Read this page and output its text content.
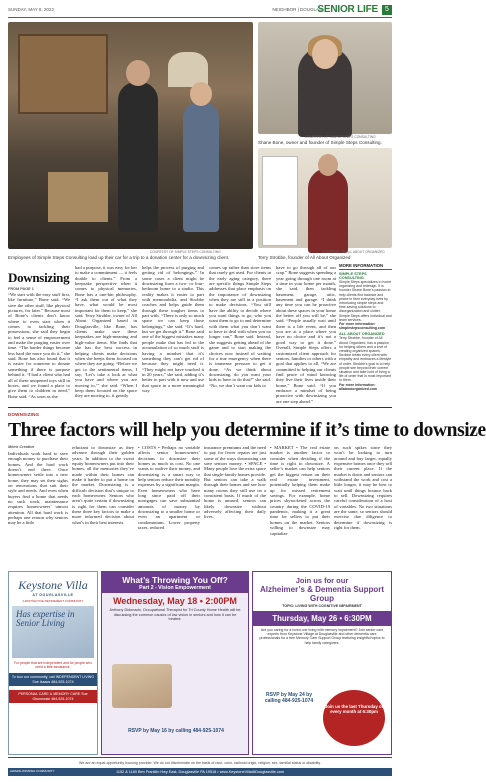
SUNDAY, MAY 8, 2022	NEIGHBOR | DOUGLAS
SENIOR LIFE	5
COURTESY OF SIMPLE STEPS CONSULTING
Employees of Simple Steps Consulting load up their car for a trip to a donation center for a downsizing client.
COURTESY OF SIMPLE STEPS CONSULTING
Shane Bone, owner and founder of Simple Steps Consulting.
COURTESY OF ALL ABOUT ORGANIZED
Terry Strobbe, founder of All About Organized
Downsizing
FROM PAGE 1
“We start with the easy stuff first, like furniture,” Bone said. “We save the other stuff, like physical pictures, for later.” Because most of Bone’s clients don’t know where to even start when it comes to tackling their possessions, she said they begin to feel a sense of empowerment and make the purging easier over time. “The harder things become less hard the more you do it,” she said. Bone has also found that it is easier for someone to donate something if there is purpose behind it. “I had a client who had all of these unopened toys still in boxes, and we found a place to give them to children in need,” Bone said. “As soon as she
had a purpose, it was easy for her to make a commitment — it feels doable to clients.” From a keepsake perspective when it comes to physical memories, Bone has a one-bin philosophy. “I ask them out of what they have, what would be most important for them to keep,” she said. Terry Strobbe, owner of All About Organized based in Douglasville, like Bone, has clients make sure these keepsakes are high-meaning and high-value items. She finds that she has the best success in helping clients make decisions when she keeps them focused on where they are going. “Before we get to the sentimental items, I say, ‘Let’s take a look at what you have and where you are moving to,’” she said. “When I keep them focused on the space they are moving to, it greatly
helps the process of purging and getting rid of belongings.” In some cases a client might be downsizing from a two- or four-bedroom home to a studio. This reality makes it easier to part with memorabilia, and Strobbe coaches and helps guide them through these tougher items to part with. “There is only so much space we can keep those belongings,” she said. “It’s hard, but we get through it.” Bone said one of the biggest mistakes many people make that has led to the accumulation of so much stuff is having a mindset that it’s something they can’t get rid of because they might need it. “They might not have touched it in 20 years,” she said, adding it’s better to part with it now and use that space in a more meaningful way.
comes up rather than store items that rarely get used. For clients in the early aging category, there are specific things Simple Steps addresses that place emphasis on the importance of downsizing when they are still in a position to make decisions. “You still have the ability to decide where you want things to go, who you want them to go to and determine with them what you don’t want to have to deal with when you no longer can,” Bone said. Instead, she suggests getting ahead of the game and to start making the choices now instead of waiting for a true emergency when there is immense pressure to get it done. “As we think about downsizing, do you want your kids to have to do that?” she said. “No, we don’t want our kids to
have to go through all of our crap.” Bone suggests spending a year going through one room at a time in your home per month, she said, then tackling basement, garage, attic, basement and garage. “I think any time you can be proactive about these spaces in your home the better off you will be,” she said. “People usually wait until there is a life event, and then you are at a place where you have no choice and it’s not a good way to get it done.” Overall, Simple Steps offers a customized client approach for seniors, families or others with a goal that applies to all. “We are committed to helping our clients find peace of mind knowing they live their lives inside their home,” Bone said. “If you embrace a mindset of being proactive with downsizing you are one step ahead.”
MORE INFORMATION
SIMPLE STEPS CONSULTING
Simple Steps specializes in home organizing and redesign. It is founder Shane Bone’s passion to help clients find balance and peace in their everyday lives by introducing simple steps and time-saving solutions to disorganization and clutter. Simple Steps offers individual and team services.
For more information: simplestepsconsulting.com
ALL ABOUT ORGANIZED
Terry Strobbe, founder of All About Organized, has a passion for helping others and a love of creating organized spaces. Strobbe treats every client with empathy and embraces a lifestyle of order. Strobbe’s goal is to help people see beyond their current situation and take hold of living a life of order that is most important to them.
For more information: allaboutorganized.com
DOWNSIZING
Three factors will help you determine if it’s time to downsize
Metro Creative
Individuals work hard to save enough money to purchase their homes. And the hard work doesn’t end there. Once homeowners settle into a new home, they may set their sights on renovations that suit their style and needs. And even when buyers find a home that needs no such work, maintenance requires homeowners’ utmost attention. All that hard work is perhaps one reason why seniors may be a little
reluctant to downsize as they advance through their golden years. In addition to the sweat equity homeowners put into their homes, all the memories they’ve made within their homes can make it harder to put a home on the market. Downsizing is a difficult decision that’s unique to each homeowner. Seniors who aren’t quite certain if downsizing is right for them can consider these three key factors to make a more informed decision about what’s in their best interests.
• COSTS • Perhaps no variable affects senior homeowners’ decisions to downsize their homes as much as cost. No one wants to outlive their money, and downsizing is a smart way to help seniors reduce their monthly expenses by a significant margin. Even homeowners who have long since paid off their mortgages can save substantial amounts of money by downsizing to a smaller home or even an apartment or condominium. Lower property taxes, reduced
insurance premiums and the need to pay for fewer repairs are just some of the ways downsizing can save seniors money. • SPACE • Many people love the extra space that single-family homes provide. But seniors can take a walk through their homes and see how many rooms they still use on a consistent basis. If much of the home is unused, seniors can likely downsize without adversely affecting their daily lives.
• MARKET • The real estate market is another factor to consider when deciding if the time is right to downsize. A seller’s market can help seniors get the biggest return on their real estate investment, potentially helping them make up for missed retirement savings. For example, home prices skyrocketed across the country during the COVID-19 pandemic, making it a great time for sellers to put their homes on the market. Seniors willing to downsize may capitalize
on such spikes since they won’t be looking to turn around and buy larger, equally expensive homes once they sell their current place. If the market is down and seniors can withstand the work and cost a little longer, it may be best to wait until things bounce back to sell. Downsizing requires careful consideration of a host of variables. No two situations are the same, so seniors should exercise due diligence to determine if downsizing is right for them.
Keystone Villa
AT DOUGLASVILLE
A DISTINCTIVE RETIREMENT COMMUNITY
Has expertise in Senior Living
For people that are independent and for people who need a little assistance.
To tour our community, call INDEPENDENT LIVING Sue Isaacs 484-925-1074
PERSONAL CARE & MEMORY CARE Sue Okunewski 484-925-1074
What’s Throwing You Off?
Part 2 - Vision Empowerment
Wednesday, May 18 • 2:00PM
Anthony Didonado, Occupational Therapist for Tri County Home Health will be discussing the common causes of low vision in seniors and how it can be treated.
RSVP by May 16 by calling 484-925-1074
Join us for our
Alzheimer’s & Dementia Support Group
TOPIC: LIVING WITH COGNITIVE IMPAIRMENT
Thursday, May 26 • 6:30PM
Are you caring for a loved one living with memory impairment? Join senior care experts from Keystone Village at Douglasville and other dementia care professionals for a free Memory Care Support Group featuring insightful topics to help family caregivers.
RSVP by May 24 by calling 484-925-1074
Join us the last Thursday of every month at 6:30pm
We are an equal opportunity housing provider. We do not discriminate on the basis of race, color, national origin, religion, sex, familial status or disability.
1152 & 1180 Ben Franklin Hwy East, Douglasville PA 19518 • www.KeystoneVillaAtDouglasville.com
AWARD-WINNING COMMUNITY
